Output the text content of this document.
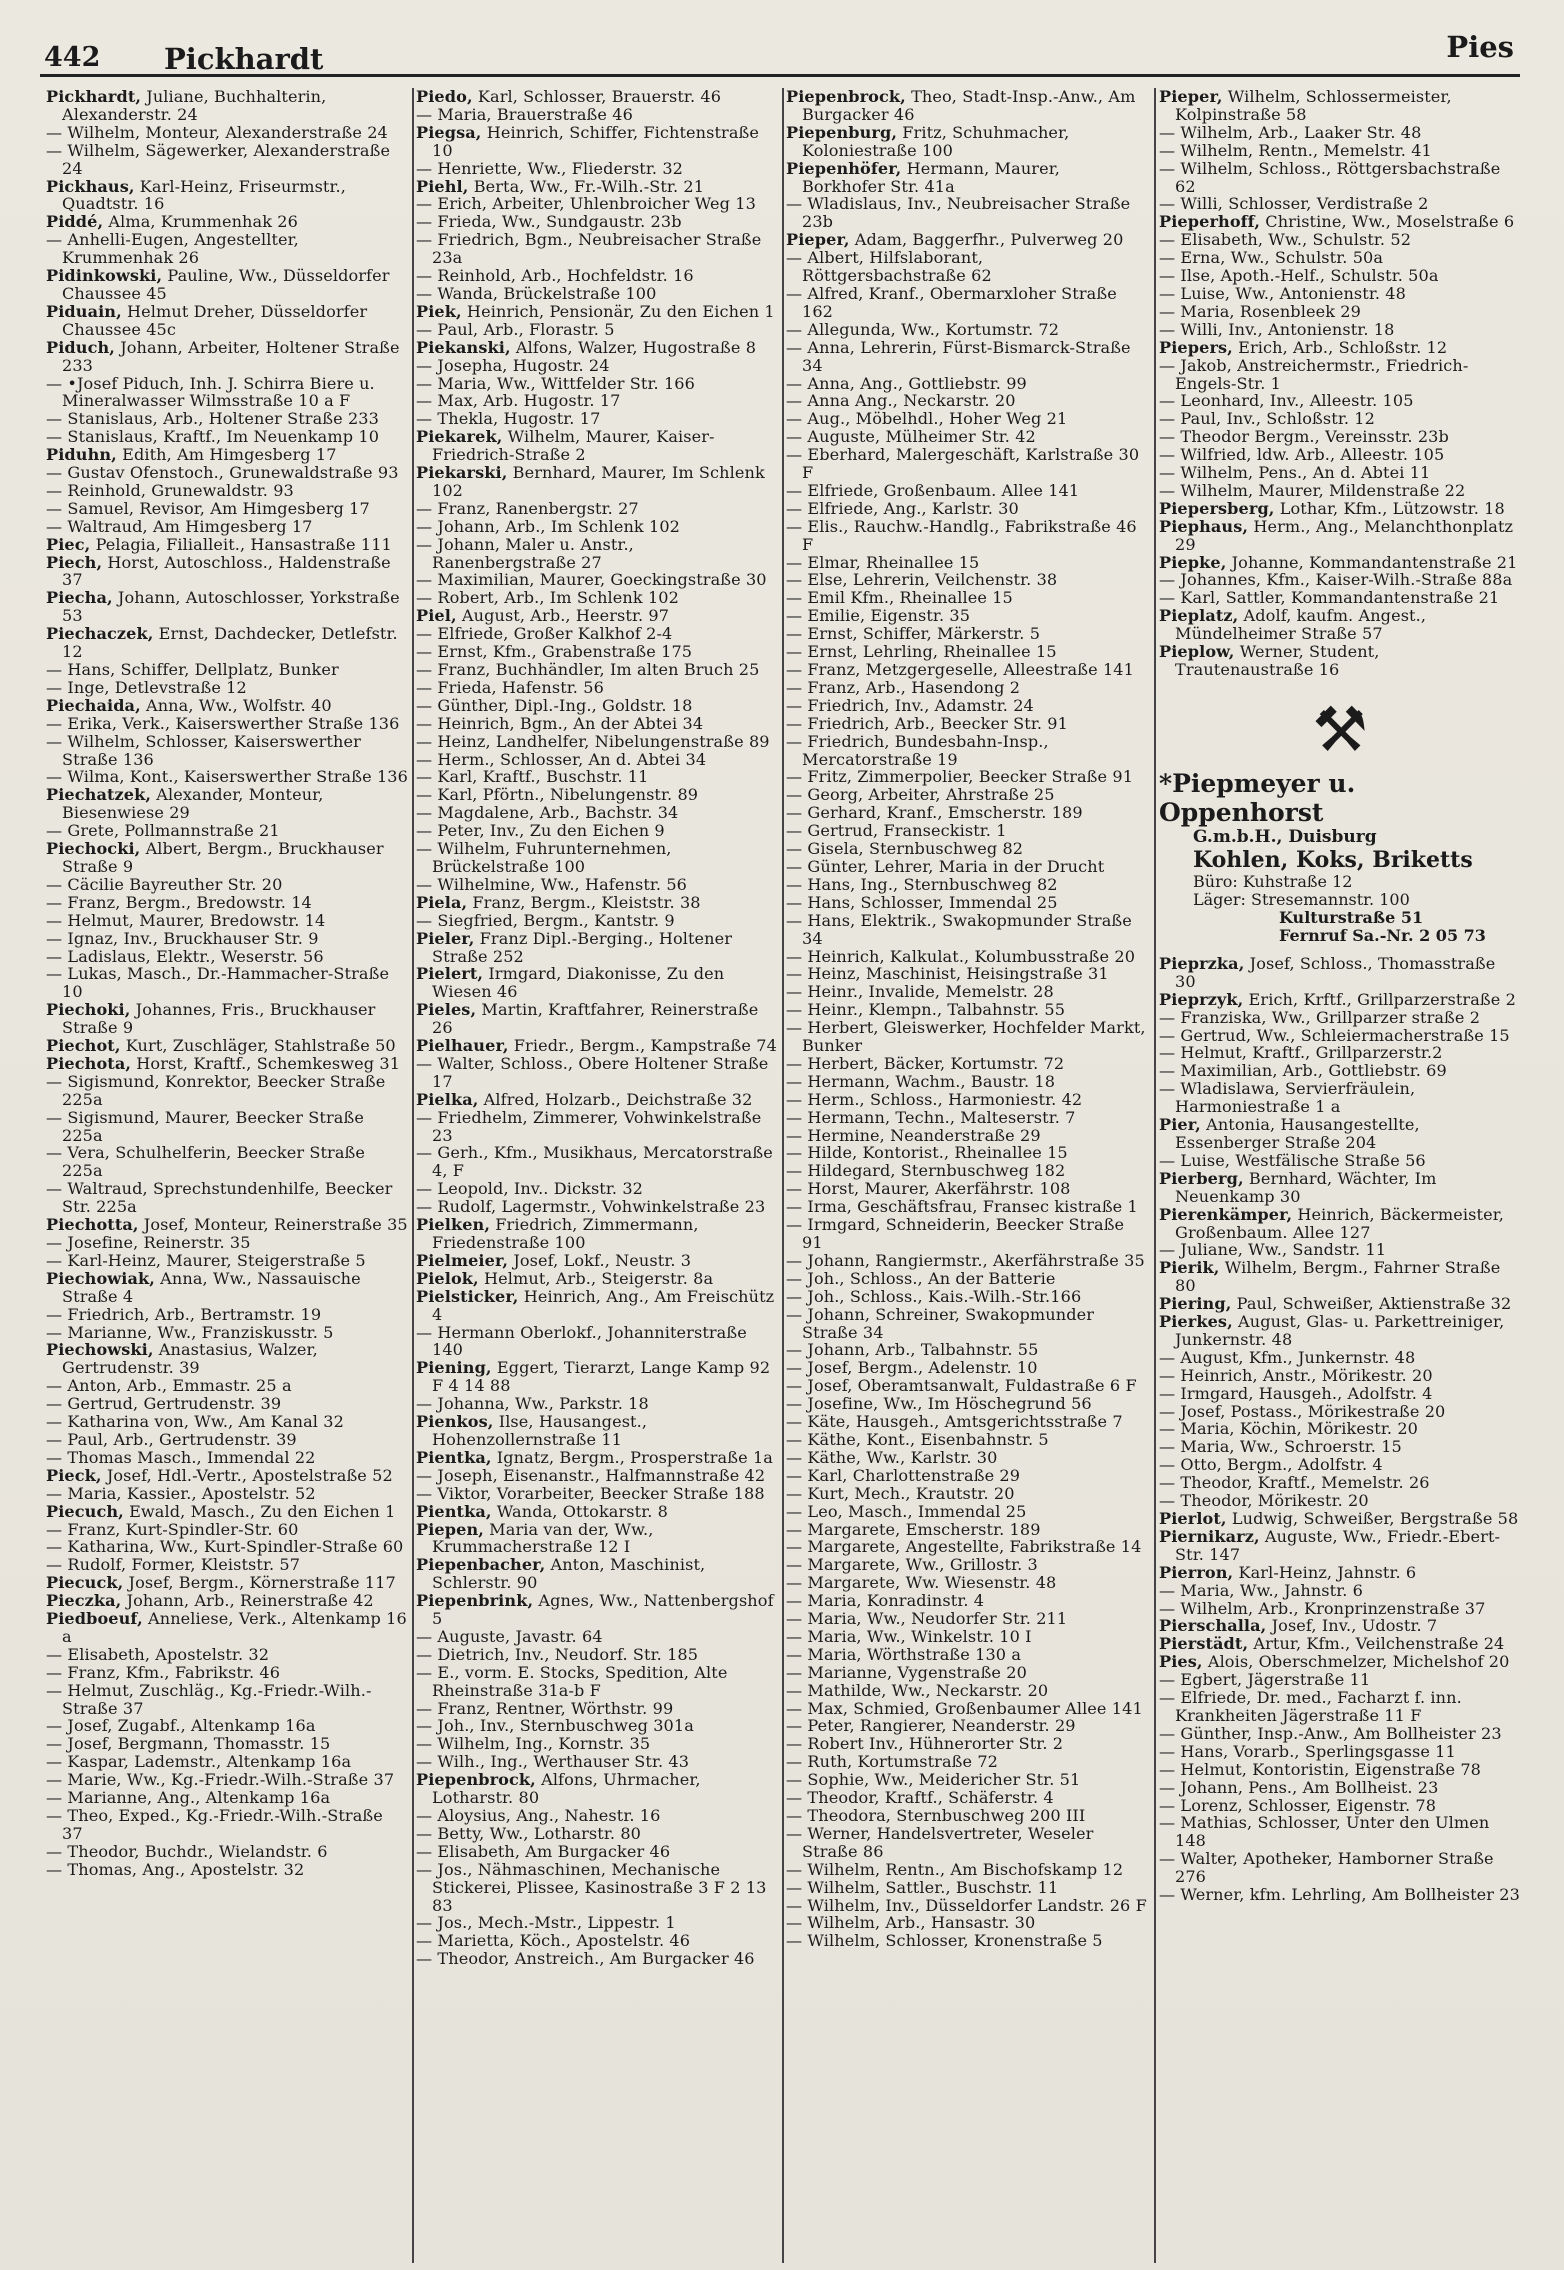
442 Pickhardt	Pies
Pickhardt, Juliane, Buchhalterin, Alexanderstr. 24
— Wilhelm, Monteur, Alexanderstraße 24
— Wilhelm, Sägewerker, Alexanderstraße 24
Pickhaus, Karl-Heinz, Friseurmstr., Quadtstr. 16
Piddé, Alma, Krummenhak 26
— Anhelli-Eugen, Angestellter, Krummenhak 26
Pidinkowski, Pauline, Ww., Düsseldorfer Chaussee 45
Piduain, Helmut Dreher, Düsseldorfer Chaussee 45c
Piduch, Johann, Arbeiter, Holtener Straße 233
— •Josef Piduch, Inh. J. Schirra Biere u. Mineralwasser Wilmsstraße 10 a F
— Stanislaus, Arb., Holtener Straße 233
— Stanislaus, Kraftf., Im Neuenkamp 10
Piduhn, Edith, Am Himgesberg 17
— Gustav Ofenstoch., Grunewaldstraße 93
— Reinhold, Grunewaldstr. 93
— Samuel, Revisor, Am Himgesberg 17
— Waltraud, Am Himgesberg 17
Piec, Pelagia, Filialleit., Hansastraße 111
Piech, Horst, Autoschloss., Haldenstraße 37
Piecha, Johann, Autoschlosser, Yorkstraße 53
Piechaczek, Ernst, Dachdecker, Detlefstr. 12
— Hans, Schiffer, Dellplatz, Bunker
— Inge, Detlevstraße 12
Piechaida, Anna, Ww., Wolfstr. 40
— Erika, Verk., Kaiserswerther Straße 136
— Wilhelm, Schlosser, Kaiserswerther Straße 136
— Wilma, Kont., Kaiserswerther Straße 136
Piechatzek, Alexander, Monteur, Biesenwiese 29
— Grete, Pollmannstraße 21
Piechocki, Albert, Bergm., Bruckhauser Straße 9
— Cäcilie Bayreuther Str. 20
— Franz, Bergm., Bredowstr. 14
— Helmut, Maurer, Bredowstr. 14
— Ignaz, Inv., Bruckhauser Str. 9
— Ladislaus, Elektr., Weserstr. 56
— Lukas, Masch., Dr.-Hammacher-Straße 10
Piechoki, Johannes, Fris., Bruckhauser Straße 9
Piechot, Kurt, Zuschläger, Stahlstraße 50
Piechota, Horst, Kraftf., Schemkesweg 31
— Sigismund, Konrektor, Beecker Straße 225a
— Sigismund, Maurer, Beecker Straße 225a
— Vera, Schulhelferin, Beecker Straße 225a
— Waltraud, Sprechstundenhilfe, Beecker Str. 225a
Piechotta, Josef, Monteur, Reinerstraße 35
— Josefine, Reinerstr. 35
— Karl-Heinz, Maurer, Steigerstraße 5
Piechowiak, Anna, Ww., Nassauische Straße 4
— Friedrich, Arb., Bertramstr. 19
— Marianne, Ww., Franziskusstr. 5
Piechowski, Anastasius, Walzer, Gertrudenstr. 39
— Anton, Arb., Emmastr. 25 a
— Gertrud, Gertrudenstr. 39
— Katharina von, Ww., Am Kanal 32
— Paul, Arb., Gertrudenstr. 39
— Thomas Masch., Immendal 22
Pieck, Josef, Hdl.-Vertr., Apostelstraße 52
— Maria, Kassier., Apostelstr. 52
Piecuch, Ewald, Masch., Zu den Eichen 1
— Franz, Kurt-Spindler-Str. 60
— Katharina, Ww., Kurt-Spindler-Straße 60
— Rudolf, Former, Kleiststr. 57
Piecuck, Josef, Bergm., Körnerstraße 117
Pieczka, Johann, Arb., Reinerstraße 42
Piedboeuf, Anneliese, Verk., Altenkamp 16 a
— Elisabeth, Apostelstr. 32
— Franz, Kfm., Fabrikstr. 46
— Helmut, Zuschläg., Kg.-Friedr.-Wilh.-Straße 37
— Josef, Zugabf., Altenkamp 16a
— Josef, Bergmann, Thomasstr. 15
— Kaspar, Lademstr., Altenkamp 16a
— Marie, Ww., Kg.-Friedr.-Wilh.-Straße 37
— Marianne, Ang., Altenkamp 16a
— Theo, Exped., Kg.-Friedr.-Wilh.-Straße 37
— Theodor, Buchdr., Wielandstr. 6
— Thomas, Ang., Apostelstr. 32
Piedo, Karl, Schlosser, Brauerstr. 46
— Maria, Brauerstraße 46
Piegsa, Heinrich, Schiffer, Fichtenstraße 10
— Henriette, Ww., Fliederstr. 32
Piehl, Berta, Ww., Fr.-Wilh.-Str. 21
— Erich, Arbeiter, Uhlenbroicher Weg 13
— Frieda, Ww., Sundgaustr. 23b
— Friedrich, Bgm., Neubreisacher Straße 23a
— Reinhold, Arb., Hochfeldstr. 16
— Wanda, Brückelstraße 100
Piek, Heinrich, Pensionär, Zu den Eichen 1
— Paul, Arb., Florastr. 5
Piekanski, Alfons, Walzer, Hugostraße 8
— Josepha, Hugostr. 24
— Maria, Ww., Wittfelder Str. 166
— Max, Arb. Hugostr. 17
— Thekla, Hugostr. 17
Piekarek, Wilhelm, Maurer, Kaiser-Friedrich-Straße 2
Piekarski, Bernhard, Maurer, Im Schlenk 102
— Franz, Ranenbergstr. 27
— Johann, Arb., Im Schlenk 102
— Johann, Maler u. Anstr., Ranenbergstraße 27
— Maximilian, Maurer, Goeckingstraße 30
— Robert, Arb., Im Schlenk 102
Piel, August, Arb., Heerstr. 97
— Elfriede, Großer Kalkhof 2-4
— Ernst, Kfm., Grabenstraße 175
— Franz, Buchhändler, Im alten Bruch 25
— Frieda, Hafenstr. 56
— Günther, Dipl.-Ing., Goldstr. 18
— Heinrich, Bgm., An der Abtei 34
— Heinz, Landhelfer, Nibelungenstraße 89
— Herm., Schlosser, An d. Abtei 34
— Karl, Kraftf., Buschstr. 11
— Karl, Pförtn., Nibelungenstr. 89
— Magdalene, Arb., Bachstr. 34
— Peter, Inv., Zu den Eichen 9
— Wilhelm, Fuhrunternehmen, Brückelstraße 100
— Wilhelmine, Ww., Hafenstr. 56
Piela, Franz, Bergm., Kleiststr. 38
— Siegfried, Bergm., Kantstr. 9
Pieler, Franz Dipl.-Berging., Holtener Straße 252
Pielert, Irmgard, Diakonisse, Zu den Wiesen 46
Pieles, Martin, Kraftfahrer, Reinerstraße 26
Pielhauer, Friedr., Bergm., Kampstraße 74
— Walter, Schloss., Obere Holtener Straße 17
Pielka, Alfred, Holzarb., Deichstraße 32
— Friedhelm, Zimmerer, Vohwinkelstraße 23
— Gerh., Kfm., Musikhaus, Mercatorstraße 4, F
— Leopold, Inv.. Dickstr. 32
— Rudolf, Lagermstr., Vohwinkelstraße 23
Pielken, Friedrich, Zimmermann, Friedenstraße 100
Pielmeier, Josef, Lokf., Neustr. 3
Pielok, Helmut, Arb., Steigerstr. 8a
Pielsticker, Heinrich, Ang., Am Freischütz 4
— Hermann Oberlokf., Johanniterstraße 140
Piening, Eggert, Tierarzt, Lange Kamp 92 F 4 14 88
— Johanna, Ww., Parkstr. 18
Pienkos, Ilse, Hausangest., Hohenzollernstraße 11
Pientka, Ignatz, Bergm., Prosperstraße 1a
— Joseph, Eisenanstr., Halfmannstraße 42
— Viktor, Vorarbeiter, Beecker Straße 188
Pientka, Wanda, Ottokarstr. 8
Piepen, Maria van der, Ww., Krummacherstraße 12 I
Piepenbacher, Anton, Maschinist, Schlerstr. 90
Piepenbrink, Agnes, Ww., Nattenbergshof 5
— Auguste, Javastr. 64
— Dietrich, Inv., Neudorf. Str. 185
— E., vorm. E. Stocks, Spedition, Alte Rheinstraße 31a-b F
— Franz, Rentner, Wörthstr. 99
— Joh., Inv., Sternbuschweg 301a
— Wilhelm, Ing., Kornstr. 35
— Wilh., Ing., Werthauser Str. 43
Piepenbrock, Alfons, Uhrmacher, Lotharstr. 80
— Aloysius, Ang., Nahestr. 16
— Betty, Ww., Lotharstr. 80
— Elisabeth, Am Burgacker 46
— Jos., Nähmaschinen, Mechanische Stickerei, Plissee, Kasinostraße 3 F 2 13 83
— Jos., Mech.-Mstr., Lippestr. 1
— Marietta, Köch., Apostelstr. 46
— Theodor, Anstreich., Am Burgacker 46
Piepenbrock, Theo, Stadt-Insp.-Anw., Am Burgacker 46
Piepenburg, Fritz, Schuhmacher, Koloniestraße 100
Piepenhöfer, Hermann, Maurer, Borkhofer Str. 41a
— Wladislaus, Inv., Neubreisacher Straße 23b
Pieper, Adam, Baggerfhr., Pulverweg 20
— Albert, Hilfslaborant, Röttgersbachstraße 62
— Alfred, Kranf., Obermarxloher Straße 162
— Allegunda, Ww., Kortumstr. 72
— Anna, Lehrerin, Fürst-Bismarck-Straße 34
— Anna, Ang., Gottliebstr. 99
— Anna Ang., Neckarstr. 20
— Aug., Möbelhdl., Hoher Weg 21
— Auguste, Mülheimer Str. 42
— Eberhard, Malergeschäft, Karlstraße 30 F
— Elfriede, Großenbaum. Allee 141
— Elfriede, Ang., Karlstr. 30
— Elis., Rauchw.-Handlg., Fabrikstraße 46 F
— Elmar, Rheinallee 15
— Else, Lehrerin, Veilchenstr. 38
— Emil Kfm., Rheinallee 15
— Emilie, Eigenstr. 35
— Ernst, Schiffer, Märkerstr. 5
— Ernst, Lehrling, Rheinallee 15
— Franz, Metzgergeselle, Alleestraße 141
— Franz, Arb., Hasendong 2
— Friedrich, Inv., Adamstr. 24
— Friedrich, Arb., Beecker Str. 91
— Friedrich, Bundesbahn-Insp., Mercatorstraße 19
— Fritz, Zimmerpolier, Beecker Straße 91
— Georg, Arbeiter, Ahrstraße 25
— Gerhard, Kranf., Emscherstr. 189
— Gertrud, Franseckistr. 1
— Gisela, Sternbuschweg 82
— Günter, Lehrer, Maria in der Drucht
— Hans, Ing., Sternbuschweg 82
— Hans, Schlosser, Immendal 25
— Hans, Elektrik., Swakopmunder Straße 34
— Heinrich, Kalkulat., Kolumbusstraße 20
— Heinz, Maschinist, Heisingstraße 31
— Heinr., Invalide, Memelstr. 28
— Heinr., Klempn., Talbahnstr. 55
— Herbert, Gleiswerker, Hochfelder Markt, Bunker
— Herbert, Bäcker, Kortumstr. 72
— Hermann, Wachm., Baustr. 18
— Herm., Schloss., Harmoniestr. 42
— Hermann, Techn., Malteserstr. 7
— Hermine, Neanderstraße 29
— Hilde, Kontorist., Rheinallee 15
— Hildegard, Sternbuschweg 182
— Horst, Maurer, Akerfährstr. 108
— Irma, Geschäftsfrau, Fransec kistraße 1
— Irmgard, Schneiderin, Beecker Straße 91
— Johann, Rangiermstr., Akerfährstraße 35
— Joh., Schloss., An der Batterie
— Joh., Schloss., Kais.-Wilh.-Str.166
— Johann, Schreiner, Swakopmunder Straße 34
— Johann, Arb., Talbahnstr. 55
— Josef, Bergm., Adelenstr. 10
— Josef, Oberamtsanwalt, Fuldastraße 6 F
— Josefine, Ww., Im Höschegrund 56
— Käte, Hausgeh., Amtsgerichtsstraße 7
— Käthe, Kont., Eisenbahnstr. 5
— Käthe, Ww., Karlstr. 30
— Karl, Charlottenstraße 29
— Kurt, Mech., Krautstr. 20
— Leo, Masch., Immendal 25
— Margarete, Emscherstr. 189
— Margarete, Angestellte, Fabrikstraße 14
— Margarete, Ww., Grillostr. 3
— Margarete, Ww. Wiesenstr. 48
— Maria, Konradinstr. 4
— Maria, Ww., Neudorfer Str. 211
— Maria, Ww., Winkelstr. 10 I
— Maria, Wörthstraße 130 a
— Marianne, Vygenstraße 20
— Mathilde, Ww., Neckarstr. 20
— Max, Schmied, Großenbaumer Allee 141
— Peter, Rangierer, Neanderstr. 29
— Robert Inv., Hühnerorter Str. 2
— Ruth, Kortumstraße 72
— Sophie, Ww., Meidericher Str. 51
— Theodor, Kraftf., Schäferstr. 4
— Theodora, Sternbuschweg 200 III
— Werner, Handelsvertreter, Weseler Straße 86
— Wilhelm, Rentn., Am Bischofskamp 12
— Wilhelm, Sattler., Buschstr. 11
— Wilhelm, Inv., Düsseldorfer Landstr. 26 F
— Wilhelm, Arb., Hansastr. 30
— Wilhelm, Schlosser, Kronenstraße 5
Pieper, Wilhelm, Schlossermeister, Kolpinstraße 58
— Wilhelm, Arb., Laaker Str. 48
— Wilhelm, Rentn., Memelstr. 41
— Wilhelm, Schloss., Röttgersbachstraße 62
— Willi, Schlosser, Verdistraße 2
Pieperhoff, Christine, Ww., Moselstraße 6
— Elisabeth, Ww., Schulstr. 52
— Erna, Ww., Schulstr. 50a
— Ilse, Apoth.-Helf., Schulstr. 50a
— Luise, Ww., Antonienstr. 48
— Maria, Rosenbleek 29
— Willi, Inv., Antonienstr. 18
Piepers, Erich, Arb., Schloßstr. 12
— Jakob, Anstreichermstr., Friedrich-Engels-Str. 1
— Leonhard, Inv., Alleestr. 105
— Paul, Inv., Schloßstr. 12
— Theodor Bergm., Vereinsstr. 23b
— Wilfried, ldw. Arb., Alleestr. 105
— Wilhelm, Pens., An d. Abtei 11
— Wilhelm, Maurer, Mildenstraße 22
Piepersberg, Lothar, Kfm., Lützowstr. 18
Piephaus, Herm., Ang., Melanchthonplatz 29
Piepke, Johanne, Kommandantenstraße 21
— Johannes, Kfm., Kaiser-Wilh.-Straße 88a
— Karl, Sattler, Kommandantenstraße 21
Pieplatz, Adolf, kaufm. Angest., Mündelheimer Straße 57
Pieplow, Werner, Student, Trautenaustraße 16
⚒
*Piepmeyer u. Oppenhorst
G.m.b.H., Duisburg
Kohlen, Koks, Briketts
Büro: Kuhstraße 12
Läger: Stresemannstr. 100
Kulturstraße 51
Fernruf Sa.-Nr. 2 05 73
Pieprzka, Josef, Schloss., Thomasstraße 30
Pieprzyk, Erich, Krftf., Grillparzerstraße 2
— Franziska, Ww., Grillparzer straße 2
— Gertrud, Ww., Schleiermacherstraße 15
— Helmut, Kraftf., Grillparzerstr.2
— Maximilian, Arb., Gottliebstr. 69
— Wladislawa, Servierfräulein, Harmoniestraße 1 a
Pier, Antonia, Hausangestellte, Essenberger Straße 204
— Luise, Westfälische Straße 56
Pierberg, Bernhard, Wächter, Im Neuenkamp 30
Pierenkämper, Heinrich, Bäckermeister, Großenbaum. Allee 127
— Juliane, Ww., Sandstr. 11
Pierik, Wilhelm, Bergm., Fahrner Straße 80
Piering, Paul, Schweißer, Aktienstraße 32
Pierkes, August, Glas- u. Parkettreiniger, Junkernstr. 48
— August, Kfm., Junkernstr. 48
— Heinrich, Anstr., Mörikestr. 20
— Irmgard, Hausgeh., Adolfstr. 4
— Josef, Postass., Mörikestraße 20
— Maria, Köchin, Mörikestr. 20
— Maria, Ww., Schroerstr. 15
— Otto, Bergm., Adolfstr. 4
— Theodor, Kraftf., Memelstr. 26
— Theodor, Mörikestr. 20
Pierlot, Ludwig, Schweißer, Bergstraße 58
Piernikarz, Auguste, Ww., Friedr.-Ebert-Str. 147
Pierron, Karl-Heinz, Jahnstr. 6
— Maria, Ww., Jahnstr. 6
— Wilhelm, Arb., Kronprinzenstraße 37
Pierschalla, Josef, Inv., Udostr. 7
Pierstädt, Artur, Kfm., Veilchenstraße 24
Pies, Alois, Oberschmelzer, Michelshof 20
— Egbert, Jägerstraße 11
— Elfriede, Dr. med., Facharzt f. inn. Krankheiten Jägerstraße 11 F
— Günther, Insp.-Anw., Am Bollheister 23
— Hans, Vorarb., Sperlingsgasse 11
— Helmut, Kontoristin, Eigenstraße 78
— Johann, Pens., Am Bollheist. 23
— Lorenz, Schlosser, Eigenstr. 78
— Mathias, Schlosser, Unter den Ulmen 148
— Walter, Apotheker, Hamborner Straße 276
— Werner, kfm. Lehrling, Am Bollheister 23
